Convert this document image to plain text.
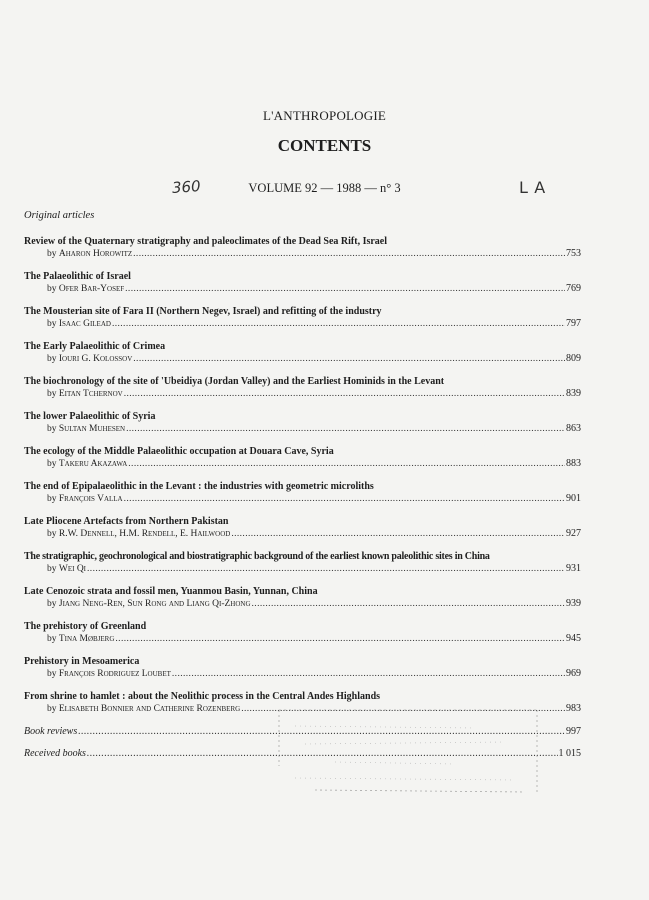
L'ANTHROPOLOGIE
CONTENTS
360	VOLUME 92 — 1988 — n° 3	LA
Original articles
Review of the Quaternary stratigraphy and paleoclimates of the Dead Sea Rift, Israel
by Aharon Horowitz .....	753
The Palaeolithic of Israel
by Ofer Bar-Yosef .....	769
The Mousterian site of Fara II (Northern Negev, Israel) and refitting of the industry
by Isaac Gilead .....	797
The Early Palaeolithic of Crimea
by Iouri G. Kolossov .....	809
The biochronology of the site of 'Ubeidiya (Jordan Valley) and the Earliest Hominids in the Levant
by Eitan Tchernov .....	839
The lower Palaeolithic of Syria
by Sultan Muhesen .....	863
The ecology of the Middle Palaeolithic occupation at Douara Cave, Syria
by Takeru Akazawa .....	883
The end of Epipalaeolithic in the Levant : the industries with geometric microliths
by François Valla .....	901
Late Pliocene Artefacts from Northern Pakistan
by R.W. Dennell, H.M. Rendell, E. Hailwood .....	927
The stratigraphic, geochronological and biostratigraphic background of the earliest known paleolithic sites in China
by Wei Qi .....	931
Late Cenozoic strata and fossil men, Yuanmou Basin, Yunnan, China
by Jiang Neng-Ren, Sun Rong and Liang Qi-Zhong .....	939
The prehistory of Greenland
by Tina Møbjerg .....	945
Prehistory in Mesoamerica
by François Rodriguez Loubet .....	969
From shrine to hamlet : about the Neolithic process in the Central Andes Highlands
by Elisabeth Bonnier and Catherine Rozenberg .....	983
Book reviews .....	997
Received books .....	1 015
